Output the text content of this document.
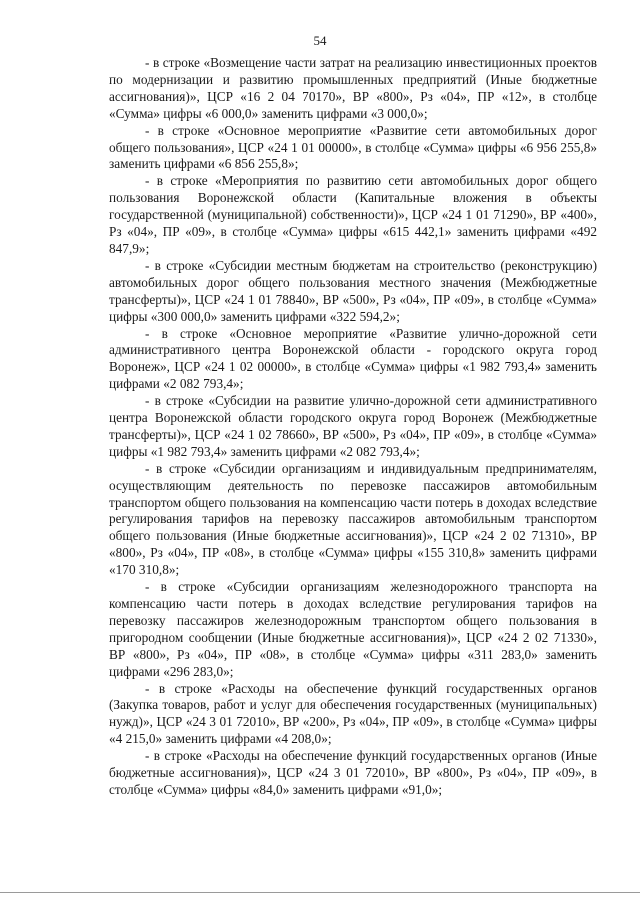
54

- в строке «Возмещение части затрат на реализацию инвестиционных проектов по модернизации и развитию промышленных предприятий (Иные бюджетные ассигнования)», ЦСР «16 2 04 70170», ВР «800», Рз «04», ПР «12», в столбце «Сумма» цифры «6 000,0» заменить цифрами «3 000,0»;

- в строке «Основное мероприятие «Развитие сети автомобильных дорог общего пользования», ЦСР «24 1 01 00000», в столбце «Сумма» цифры «6 956 255,8» заменить цифрами «6 856 255,8»;

- в строке «Мероприятия по развитию сети автомобильных дорог общего пользования Воронежской области (Капитальные вложения в объекты государственной (муниципальной) собственности)», ЦСР «24 1 01 71290», ВР «400», Рз «04», ПР «09», в столбце «Сумма» цифры «615 442,1» заменить цифрами «492 847,9»;

- в строке «Субсидии местным бюджетам на строительство (реконструкцию) автомобильных дорог общего пользования местного значения (Межбюджетные трансферты)», ЦСР «24 1 01 78840», ВР «500», Рз «04», ПР «09», в столбце «Сумма» цифры «300 000,0» заменить цифрами «322 594,2»;

- в строке «Основное мероприятие «Развитие улично-дорожной сети административного центра Воронежской области - городского округа город Воронеж», ЦСР «24 1 02 00000», в столбце «Сумма» цифры «1 982 793,4» заменить цифрами «2 082 793,4»;

- в строке «Субсидии на развитие улично-дорожной сети административного центра Воронежской области городского округа город Воронеж (Межбюджетные трансферты)», ЦСР «24 1 02 78660», ВР «500», Рз «04», ПР «09», в столбце «Сумма» цифры «1 982 793,4» заменить цифрами «2 082 793,4»;

- в строке «Субсидии организациям и индивидуальным предпринимателям, осуществляющим деятельность по перевозке пассажиров автомобильным транспортом общего пользования на компенсацию части потерь в доходах вследствие регулирования тарифов на перевозку пассажиров автомобильным транспортом общего пользования (Иные бюджетные ассигнования)», ЦСР «24 2 02 71310», ВР «800», Рз «04», ПР «08», в столбце «Сумма» цифры «155 310,8» заменить цифрами «170 310,8»;

- в строке «Субсидии организациям железнодорожного транспорта на компенсацию части потерь в доходах вследствие регулирования тарифов на перевозку пассажиров железнодорожным транспортом общего пользования в пригородном сообщении (Иные бюджетные ассигнования)», ЦСР «24 2 02 71330», ВР «800», Рз «04», ПР «08», в столбце «Сумма» цифры «311 283,0» заменить цифрами «296 283,0»;

- в строке «Расходы на обеспечение функций государственных органов (Закупка товаров, работ и услуг для обеспечения государственных (муниципальных) нужд)», ЦСР «24 3 01 72010», ВР «200», Рз «04», ПР «09», в столбце «Сумма» цифры «4 215,0» заменить цифрами «4 208,0»;

- в строке «Расходы на обеспечение функций государственных органов (Иные бюджетные ассигнования)», ЦСР «24 3 01 72010», ВР «800», Рз «04», ПР «09», в столбце «Сумма» цифры «84,0» заменить цифрами «91,0»;
